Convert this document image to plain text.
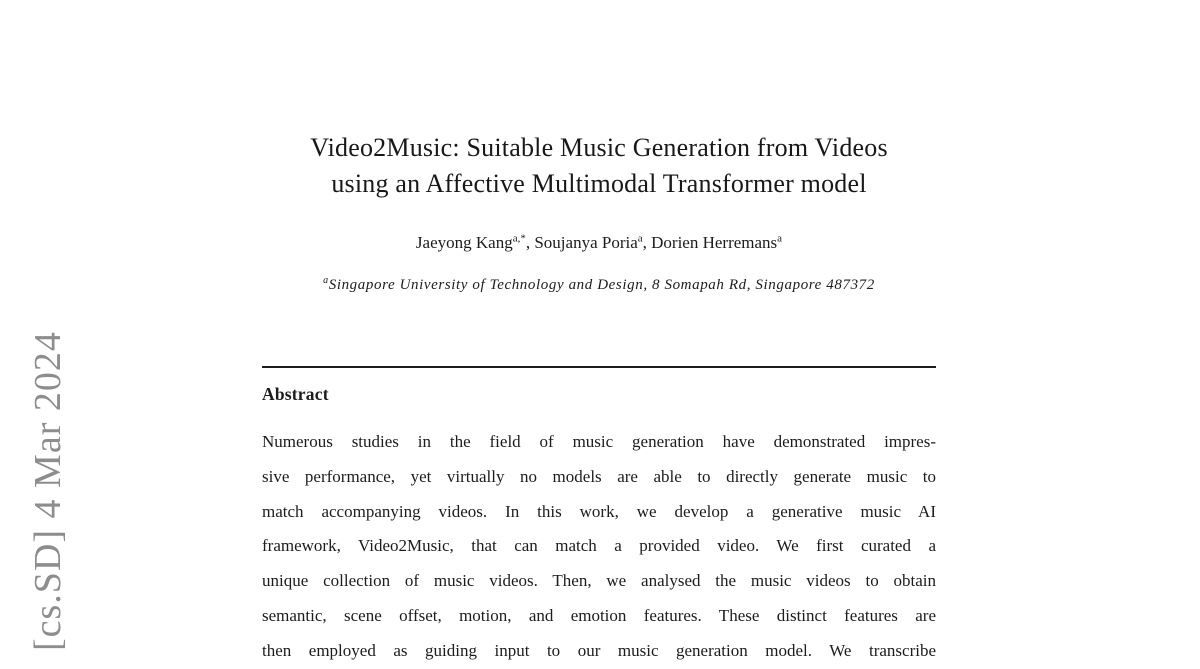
[cs.SD] 4 Mar 2024
Video2Music: Suitable Music Generation from Videos
using an Affective Multimodal Transformer model
Jaeyong Kang$^{a,*}$, Soujanya Poria$^a$, Dorien Herremans$^a$
$^a$Singapore University of Technology and Design, 8 Somapah Rd, Singapore 487372
Abstract
Numerous studies in the field of music generation have demonstrated impres-
sive performance, yet virtually no models are able to directly generate music to
match accompanying videos. In this work, we develop a generative music AI
framework, Video2Music, that can match a provided video. We first curated a
unique collection of music videos. Then, we analysed the music videos to obtain
semantic, scene offset, motion, and emotion features. These distinct features are
then employed as guiding input to our music generation model. We transcribe
